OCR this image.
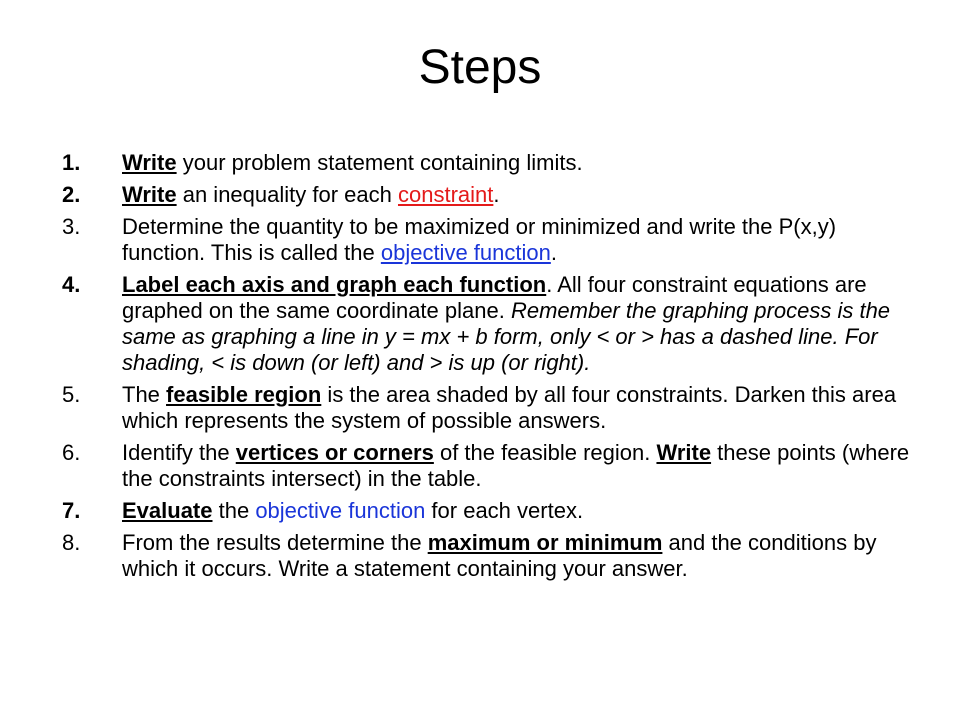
Steps
1. Write your problem statement containing limits.
2. Write an inequality for each constraint.
3. Determine the quantity to be maximized or minimized and write the P(x,y) function. This is called the objective function.
4. Label each axis and graph each function. All four constraint equations are graphed on the same coordinate plane. Remember the graphing process is the same as graphing a line in y = mx + b form, only < or > has a dashed line. For shading, < is down (or left) and > is up (or right).
5. The feasible region is the area shaded by all four constraints. Darken this area which represents the system of possible answers.
6. Identify the vertices or corners of the feasible region. Write these points (where the constraints intersect) in the table.
7. Evaluate the objective function for each vertex.
8. From the results determine the maximum or minimum and the conditions by which it occurs. Write a statement containing your answer.
